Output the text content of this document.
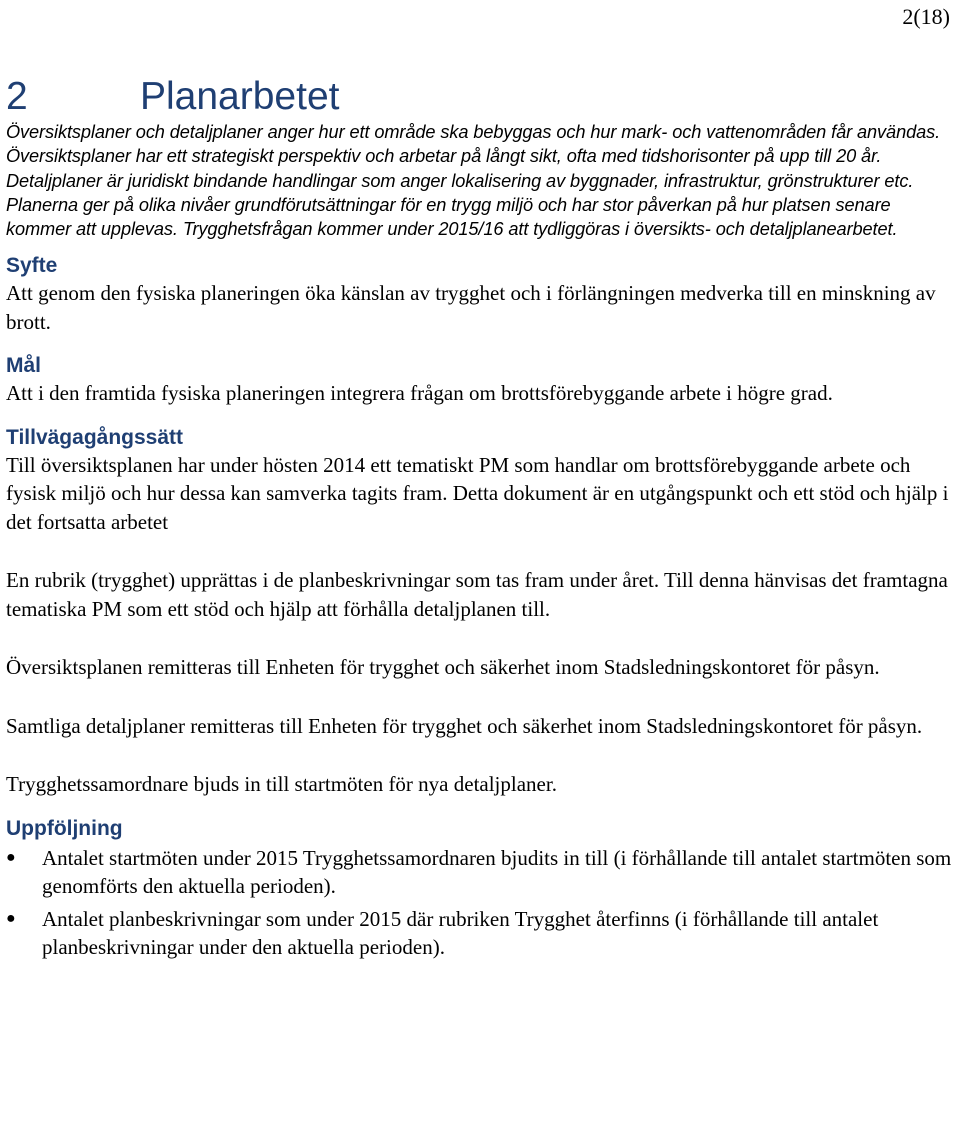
2(18)
2	Planarbetet

Översiktsplaner och detaljplaner anger hur ett område ska bebyggas och hur mark- och vattenområden får användas. Översiktsplaner har ett strategiskt perspektiv och arbetar på långt sikt, ofta med tidshorisonter på upp till 20 år. Detaljplaner är juridiskt bindande handlingar som anger lokalisering av byggnader, infrastruktur, grönstrukturer etc. Planerna ger på olika nivåer grundförutsättningar för en trygg miljö och har stor påverkan på hur platsen senare kommer att upplevas. Trygghetsfrågan kommer under 2015/16 att tydliggöras i översikts- och detaljplanearbetet.

Syfte

Att genom den fysiska planeringen öka känslan av trygghet och i förlängningen medverka till en minskning av brott.

Mål

Att i den framtida fysiska planeringen integrera frågan om brottsförebyggande arbete i högre grad.

Tillvägagångssätt

Till översiktsplanen har under hösten 2014 ett tematiskt PM som handlar om brottsförebyggande arbete och fysisk miljö och hur dessa kan samverka tagits fram. Detta dokument är en utgångspunkt och ett stöd och hjälp i det fortsatta arbetet

En rubrik (trygghet) upprättas i de planbeskrivningar som tas fram under året. Till denna hänvisas det framtagna tematiska PM som ett stöd och hjälp att förhålla detaljplanen till.

Översiktsplanen remitteras till Enheten för trygghet och säkerhet inom Stadsledningskontoret för påsyn.

Samtliga detaljplaner remitteras till Enheten för trygghet och säkerhet inom Stadsledningskontoret för påsyn.

Trygghetssamordnare bjuds in till startmöten för nya detaljplaner.

Uppföljning
●	Antalet startmöten under 2015 Trygghetssamordnaren bjudits in till (i förhållande till antalet startmöten som genomförts den aktuella perioden).
●	Antalet planbeskrivningar som under 2015 där rubriken Trygghet återfinns (i förhållande till antalet planbeskrivningar under den aktuella perioden).
